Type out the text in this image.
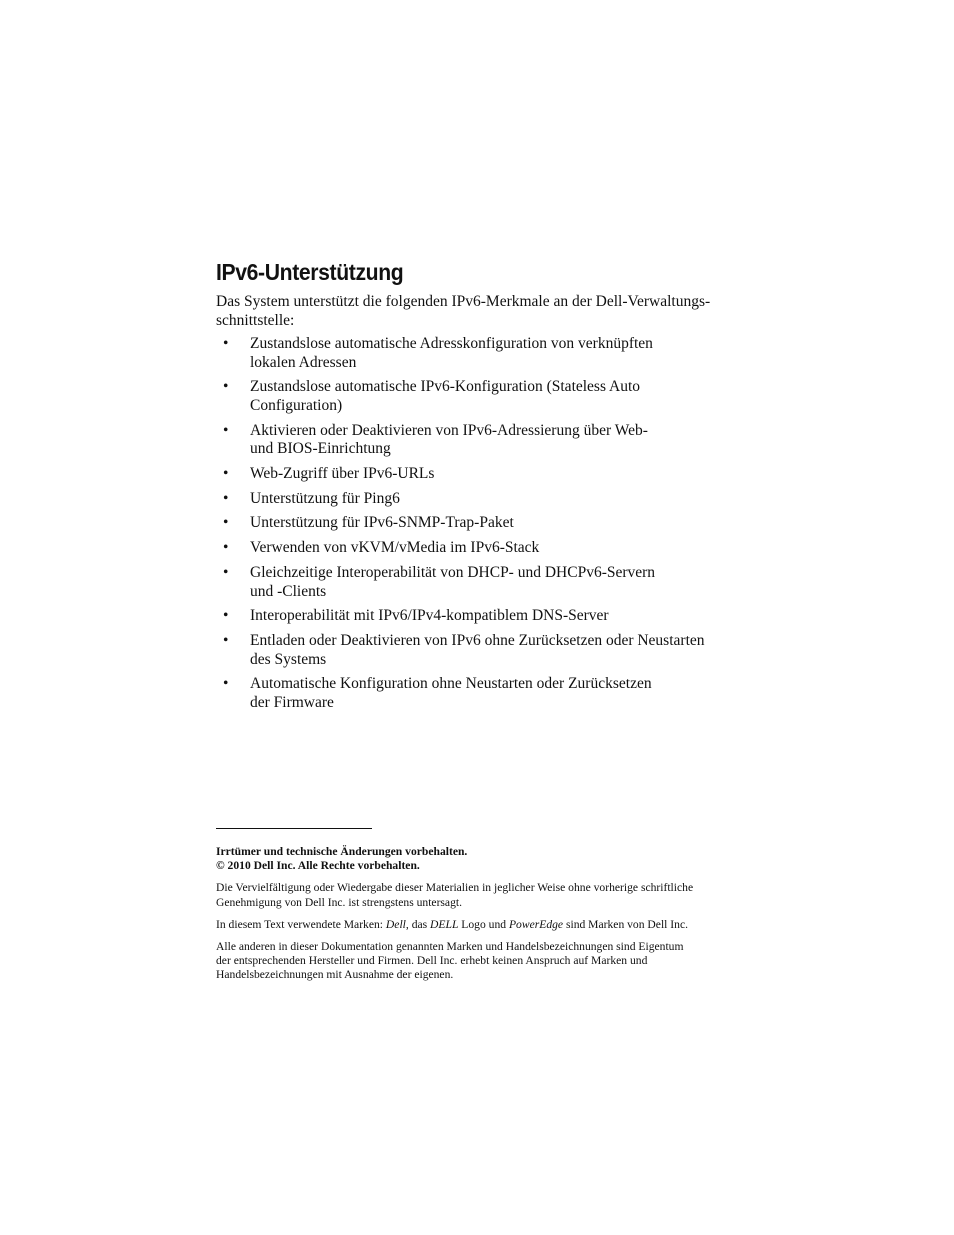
IPv6-Unterstützung

Das System unterstützt die folgenden IPv6-Merkmale an der Dell-Verwaltungs-
schnittstelle:

• Zustandslose automatische Adresskonfiguration von verknüpften
lokalen Adressen
• Zustandslose automatische IPv6-Konfiguration (Stateless Auto
Configuration)
• Aktivieren oder Deaktivieren von IPv6-Adressierung über Web-
und BIOS-Einrichtung
• Web-Zugriff über IPv6-URLs
• Unterstützung für Ping6
• Unterstützung für IPv6-SNMP-Trap-Paket
• Verwenden von vKVM/vMedia im IPv6-Stack
• Gleichzeitige Interoperabilität von DHCP- und DHCPv6-Servern
und -Clients
• Interoperabilität mit IPv6/IPv4-kompatiblem DNS-Server
• Entladen oder Deaktivieren von IPv6 ohne Zurücksetzen oder Neustarten
des Systems
• Automatische Konfiguration ohne Neustarten oder Zurücksetzen
der Firmware

Irrtümer und technische Änderungen vorbehalten.
© 2010 Dell Inc. Alle Rechte vorbehalten.

Die Vervielfältigung oder Wiedergabe dieser Materialien in jeglicher Weise ohne vorherige schriftliche
Genehmigung von Dell Inc. ist strengstens untersagt.

In diesem Text verwendete Marken: Dell, das DELL Logo und PowerEdge sind Marken von Dell Inc.

Alle anderen in dieser Dokumentation genannten Marken und Handelsbezeichnungen sind Eigentum
der entsprechenden Hersteller und Firmen. Dell Inc. erhebt keinen Anspruch auf Marken und
Handelsbezeichnungen mit Ausnahme der eigenen.
